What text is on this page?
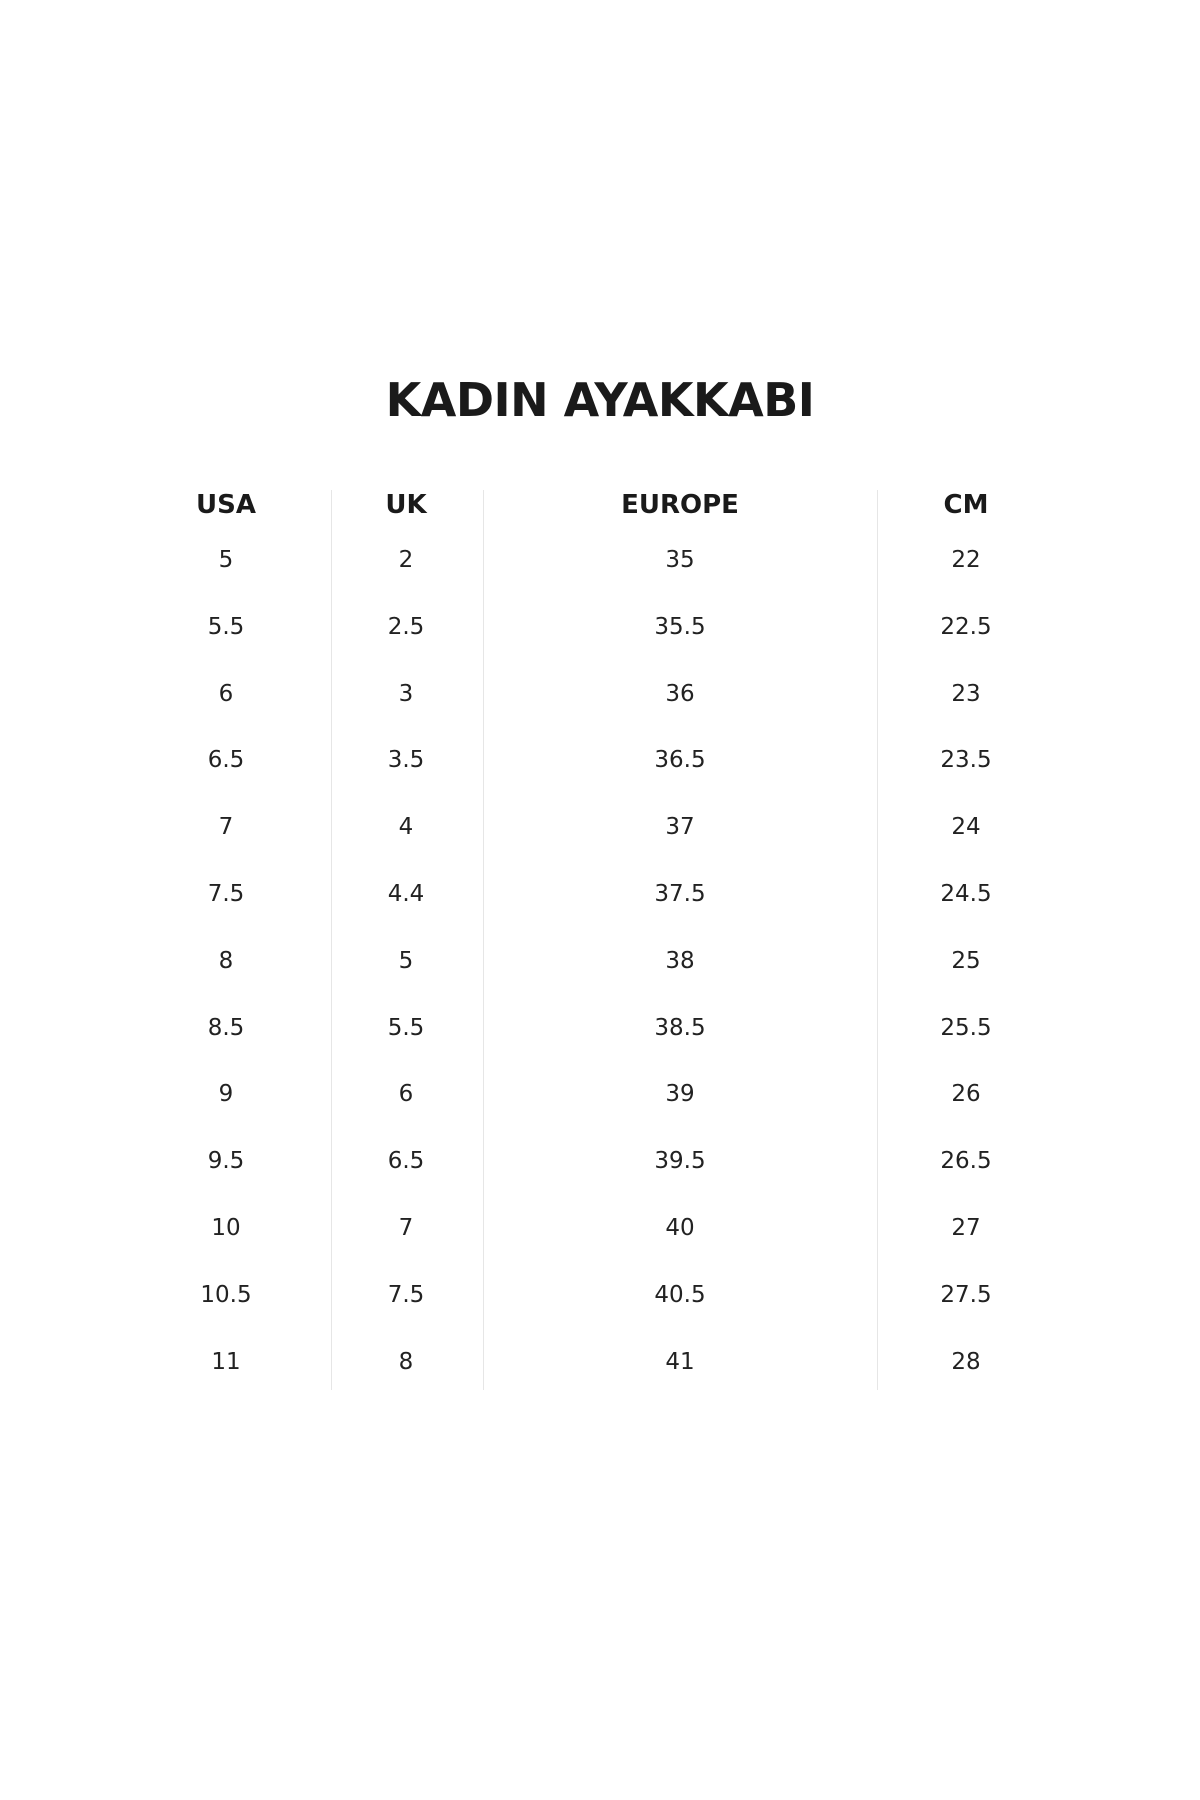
KADIN AYAKKABI
USA	UK	EUROPE	CM
5	2	35	22
5.5	2.5	35.5	22.5
6	3	36	23
6.5	3.5	36.5	23.5
7	4	37	24
7.5	4.4	37.5	24.5
8	5	38	25
8.5	5.5	38.5	25.5
9	6	39	26
9.5	6.5	39.5	26.5
10	7	40	27
10.5	7.5	40.5	27.5
11	8	41	28
